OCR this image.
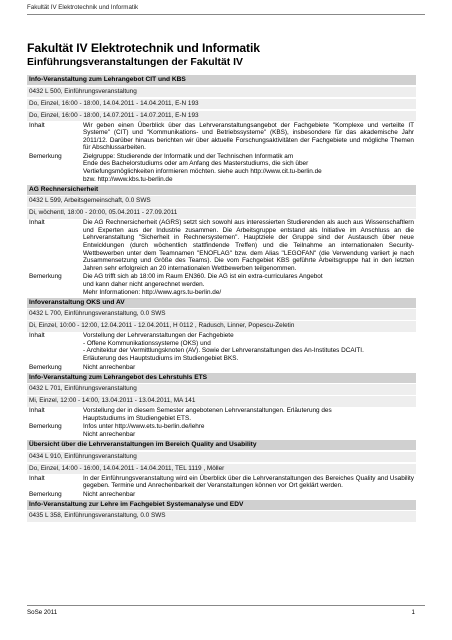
Fakultät IV Elektrotechnik und Informatik
Fakultät IV Elektrotechnik und Informatik
Einführungsveranstaltungen der Fakultät IV
Info-Veranstaltung zum Lehrangebot CIT und KBS
0432 L 500, Einführungsveranstaltung
Do, Einzel, 16:00 - 18:00, 14.04.2011 - 14.04.2011, E-N 193
Do, Einzel, 16:00 - 18:00, 14.07.2011 - 14.07.2011, E-N 193
Inhalt	Wir geben einen Überblick über das Lehrveranstaltungsangebot der Fachgebiete "Komplexe und verteilte IT Systeme" (CIT) und "Kommunikations- und Betriebssysteme" (KBS), insbesondere für das akademische Jahr 2011/12. Darüber hinaus berichten wir über aktuelle Forschungsaktivitäten der Fachgebiete und mögliche Themen für Abschlussarbeiten.
Bemerkung	Zielgruppe: Studierende der Informatik und der Technischen Informatik am
Ende des Bachelorstudiums oder am Anfang des Masterstudiums, die sich über
Vertiefungsmöglichkeiten informieren möchten. siehe auch http://www.cit.tu-berlin.de
bzw. http://www.kbs.tu-berlin.de
AG Rechnersicherheit
0432 L 599, Arbeitsgemeinschaft, 0.0 SWS
Di, wöchentl, 18:00 - 20:00, 05.04.2011 - 27.09.2011
Inhalt	Die AG Rechnersicherheit (AGRS) setzt sich sowohl aus interessierten Studierenden als auch aus Wissenschaftlern und Experten aus der Industrie zusammen. Die Arbeitsgruppe entstand als Initiative im Anschluss an die Lehrveranstaltung "Sicherheit in Rechnersystemen". Hauptziele der Gruppe sind der Austausch über neue Entwicklungen (durch wöchentlich stattfindende Treffen) und die Teilnahme an internationalen Security-Wettbewerben unter dem Teamnamen "ENOFLAG" bzw. dem Alias "LEGOFAN" (die Verwendung variiert je nach Zusammensetzung und Größe des Teams). Die vom Fachgebiet KBS geführte Arbeitsgruppe hat in den letzten Jahren sehr erfolgreich an 20 internationalen Wettbewerben teilgenommen.
Bemerkung	Die AG trifft sich ab 18:00 im Raum EN360. Die AG ist ein extra-curriculares Angebot
und kann daher nicht angerechnet werden.
Mehr Informationen: http://www.agrs.tu-berlin.de/
Infoveranstaltung OKS und AV
0432 L 700, Einführungsveranstaltung, 0.0 SWS
Di, Einzel, 10:00 - 12:00, 12.04.2011 - 12.04.2011, H 0112 , Radusch, Linner, Popescu-Zeletin
Inhalt	Vorstellung der Lehrveranstaltungen der Fachgebiete
- Offene Kommunikationssysteme (OKS) und
- Architektur der Vermittlungsknoten (AV). Sowie der Lehrveranstaltungen des An-Institutes DCAITI.
Erläuterung des Hauptstudiums im Studiengebiet BKS.
Bemerkung	Nicht anrechenbar
Info-Veranstaltung zum Lehrangebot des Lehrstuhls ETS
0432 L 701, Einführungsveranstaltung
Mi, Einzel, 12:00 - 14:00, 13.04.2011 - 13.04.2011, MA 141
Inhalt	Vorstellung der in diesem Semester angebotenen Lehrveranstaltungen. Erläuterung des
Hauptstudiums im Studiengebiet ETS.
Bemerkung	Infos unter http://www.ets.tu-berlin.de/lehre
Nicht anrechenbar
Übersicht über die Lehrveranstaltungen im Bereich Quality and Usability
0434 L 910, Einführungsveranstaltung
Do, Einzel, 14:00 - 16:00, 14.04.2011 - 14.04.2011, TEL 1119 , Möller
Inhalt	In der Einführungsveranstaltung wird ein Überblick über die Lehrveranstaltungen des Bereiches Quality and Usability gegeben. Termine und Anrechenbarkeit der Veranstaltungen können vor Ort geklärt werden.
Bemerkung	Nicht anrechenbar
Info-Veranstaltung zur Lehre im Fachgebiet Systemanalyse und EDV
0435 L 358, Einführungsveranstaltung, 0.0 SWS
SoSe 2011	1
